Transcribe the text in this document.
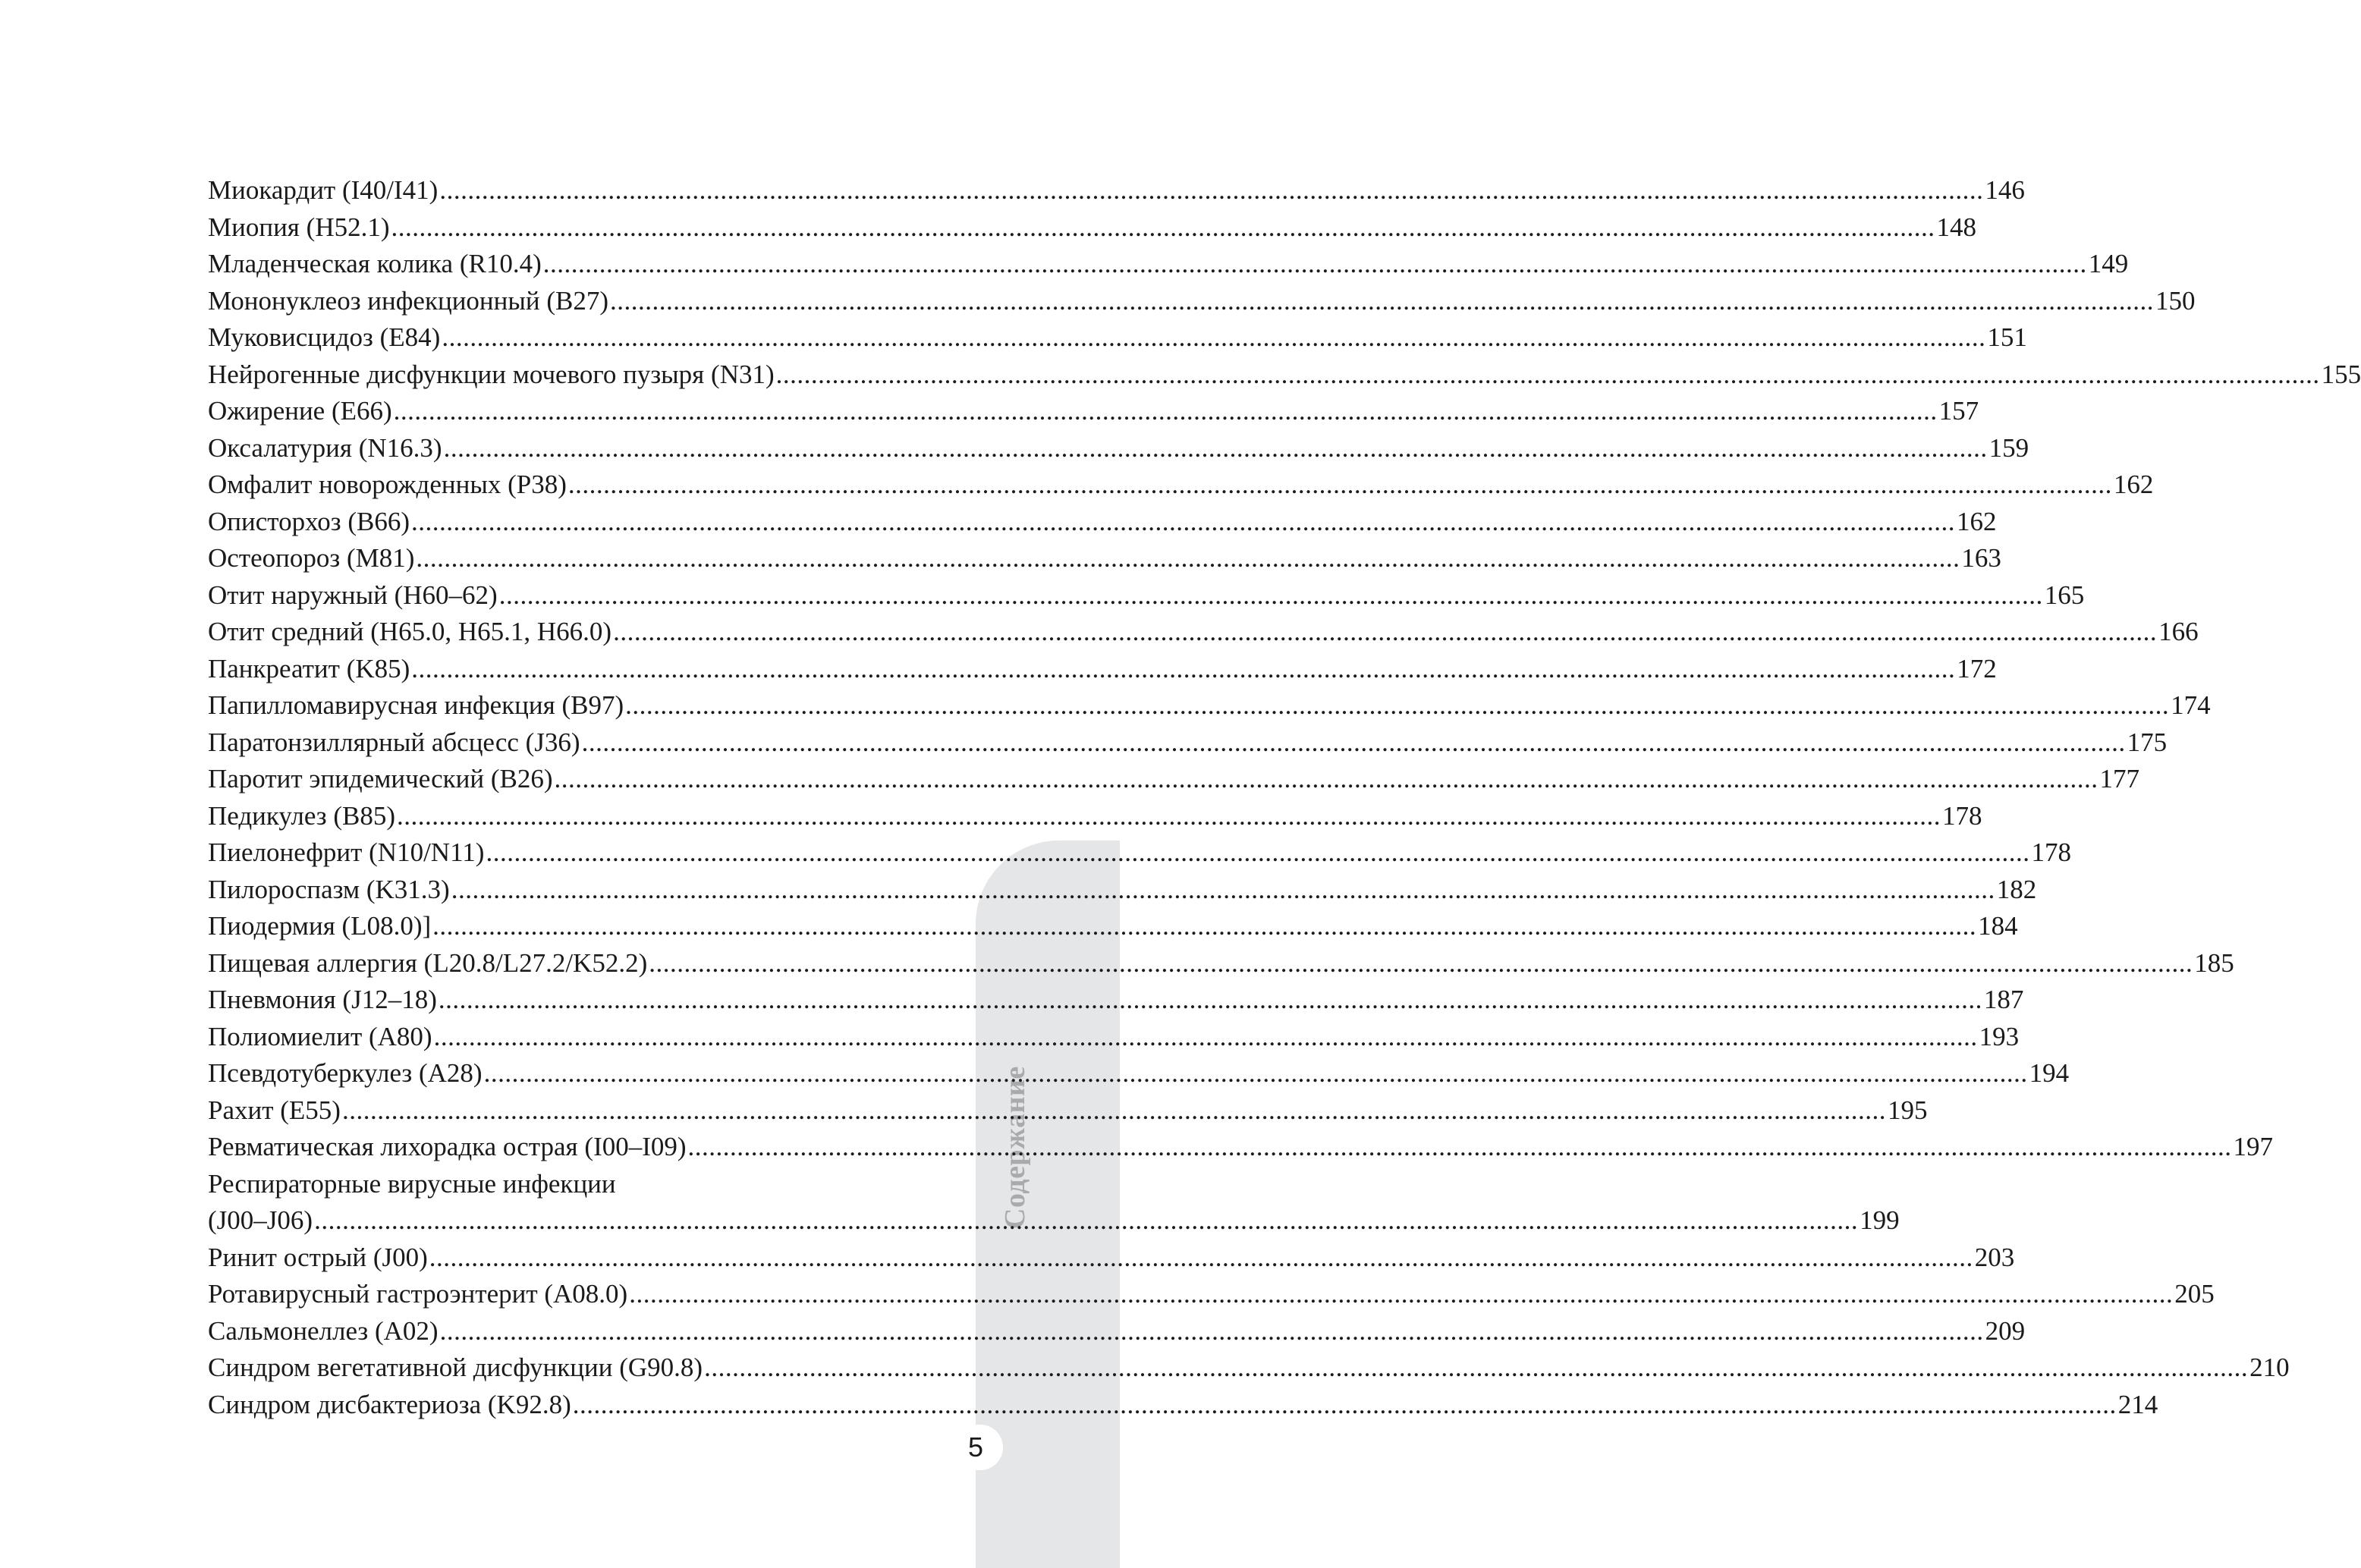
Содержание
5
Миокардит (I40/I41) ............................................................................................................................................................................................................................ 146
Миопия (H52.1) ............................................................................................................................................................................................................................ 148
Младенческая колика (R10.4) ............................................................................................................................................................................................................................ 149
Мононуклеоз инфекционный (B27) ............................................................................................................................................................................................................................ 150
Муковисцидоз (E84) ............................................................................................................................................................................................................................ 151
Нейрогенные дисфункции мочевого пузыря (N31) ............................................................................................................................................................................................................................ 155
Ожирение (E66) ............................................................................................................................................................................................................................ 157
Оксалатурия (N16.3) ............................................................................................................................................................................................................................ 159
Омфалит новорожденных (P38) ............................................................................................................................................................................................................................ 162
Описторхоз (B66) ............................................................................................................................................................................................................................ 162
Остеопороз (M81) ............................................................................................................................................................................................................................ 163
Отит наружный (H60–62) ............................................................................................................................................................................................................................ 165
Отит средний (H65.0, H65.1, H66.0) ............................................................................................................................................................................................................................ 166
Панкреатит (K85) ............................................................................................................................................................................................................................ 172
Папилломавирусная инфекция (B97) ............................................................................................................................................................................................................................ 174
Паратонзиллярный абсцесс (J36) ............................................................................................................................................................................................................................ 175
Паротит эпидемический (B26) ............................................................................................................................................................................................................................ 177
Педикулез (B85) ............................................................................................................................................................................................................................ 178
Пиелонефрит (N10/N11) ............................................................................................................................................................................................................................ 178
Пилороспазм (K31.3) ............................................................................................................................................................................................................................ 182
Пиодермия (L08.0)] ............................................................................................................................................................................................................................ 184
Пищевая аллергия (L20.8/L27.2/K52.2) ............................................................................................................................................................................................................................ 185
Пневмония (J12–18) ............................................................................................................................................................................................................................ 187
Полиомиелит (A80) ............................................................................................................................................................................................................................ 193
Псевдотуберкулез (A28) ............................................................................................................................................................................................................................ 194
Рахит (E55) ............................................................................................................................................................................................................................ 195
Ревматическая лихорадка острая (I00–I09) ............................................................................................................................................................................................................................ 197
Респираторные вирусные инфекции
(J00–J06) ............................................................................................................................................................................................................................ 199
Ринит острый (J00) ............................................................................................................................................................................................................................ 203
Ротавирусный гастроэнтерит (A08.0) ............................................................................................................................................................................................................................ 205
Сальмонеллез (A02) ............................................................................................................................................................................................................................ 209
Синдром вегетативной дисфункции (G90.8) ............................................................................................................................................................................................................................ 210
Синдром дисбактериоза (K92.8) ............................................................................................................................................................................................................................ 214
